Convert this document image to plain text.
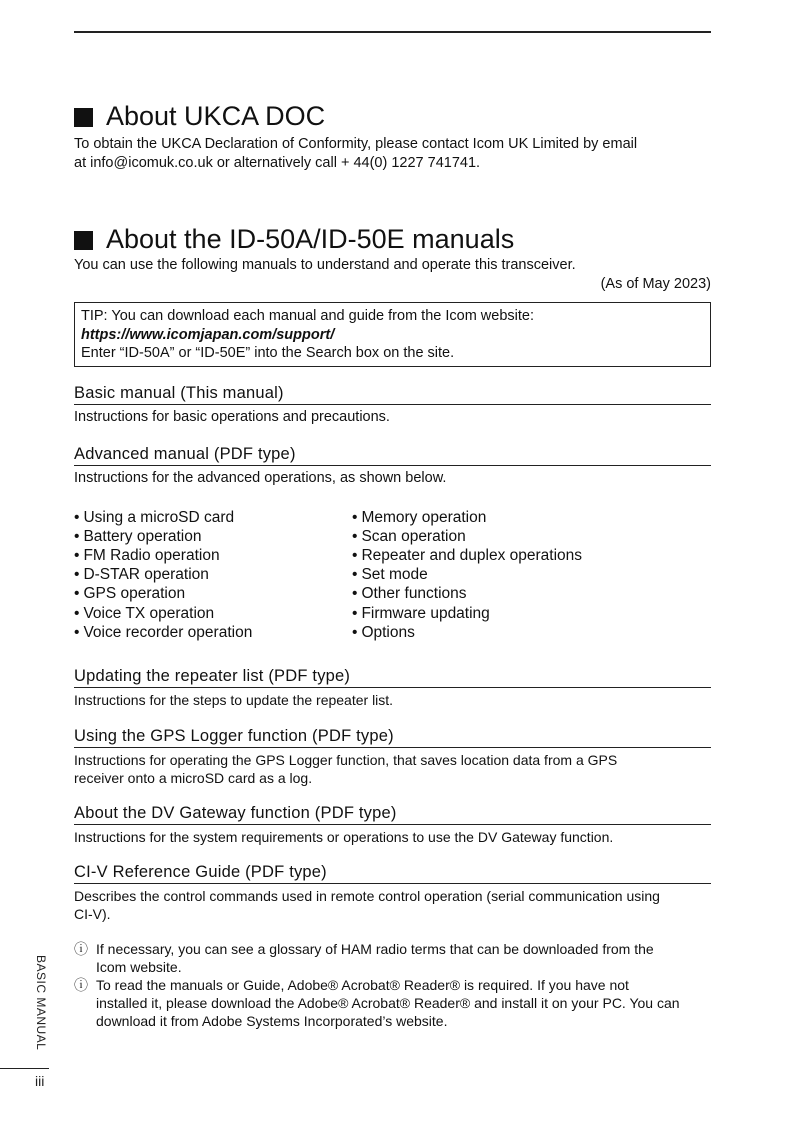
About UKCA DOC

To obtain the UKCA Declaration of Conformity, please contact Icom UK Limited by email

at info@icomuk.co.uk or alternatively call + 44(0) 1227 741741.

About the ID-50A/ID-50E manuals

You can use the following manuals to understand and operate this transceiver.

(As of May 2023)

TIP: You can download each manual and guide from the Icom website:
https://www.icomjapan.com/support/
Enter “ID-50A” or “ID-50E” into the Search box on the site.
Basic manual (This manual)

Instructions for basic operations and precautions.

Advanced manual (PDF type)

Instructions for the advanced operations, as shown below.

• Using a microSD card
• Battery operation
• FM Radio operation
• D-STAR operation
• GPS operation
• Voice TX operation
• Voice recorder operation
• Memory operation
• Scan operation
• Repeater and duplex operations
• Set mode
• Other functions
• Firmware updating
• Options
Updating the repeater list (PDF type)

Instructions for the steps to update the repeater list.

Using the GPS Logger function (PDF type)

Instructions for operating the GPS Logger function, that saves location data from a GPS

receiver onto a microSD card as a log.

About the DV Gateway function (PDF type)

Instructions for the system requirements or operations to use the DV Gateway function.

CI-V Reference Guide (PDF type)

Describes the control commands used in remote control operation (serial communication using

CI-V).

ⓘ If necessary, you can see a glossary of HAM radio terms that can be downloaded from the
Icom website.
ⓘ To read the manuals or Guide, Adobe® Acrobat® Reader® is required. If you have not
installed it, please download the Adobe® Acrobat® Reader® and install it on your PC. You can
download it from Adobe Systems Incorporated’s website.
BASIC MANUAL
iii
